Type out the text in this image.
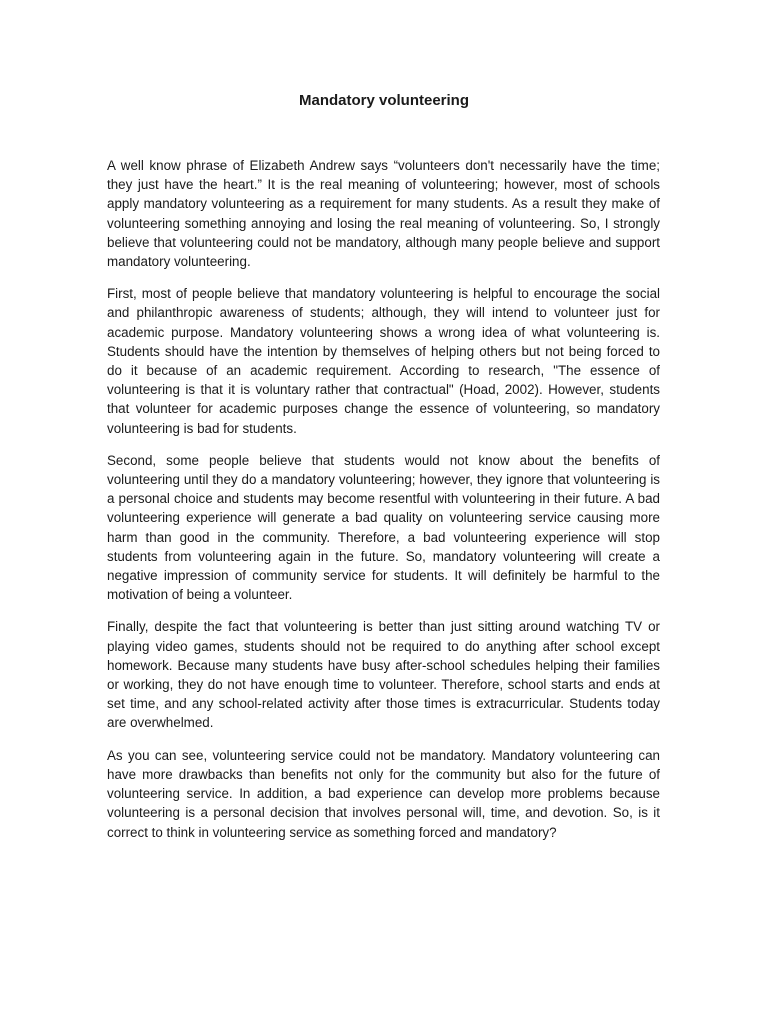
Mandatory volunteering

A well know phrase of Elizabeth Andrew says “volunteers don't necessarily have the time; they just have the heart.” It is the real meaning of volunteering; however, most of schools apply mandatory volunteering as a requirement for many students. As a result they make of volunteering something annoying and losing the real meaning of volunteering. So, I strongly believe that volunteering could not be mandatory, although many people believe and support mandatory volunteering.

First, most of people believe that mandatory volunteering is helpful to encourage the social and philanthropic awareness of students; although, they will intend to volunteer just for academic purpose. Mandatory volunteering shows a wrong idea of what volunteering is. Students should have the intention by themselves of helping others but not being forced to do it because of an academic requirement. According to research, "The essence of volunteering is that it is voluntary rather that contractual" (Hoad, 2002). However, students that volunteer for academic purposes change the essence of volunteering, so mandatory volunteering is bad for students.

Second, some people believe that students would not know about the benefits of volunteering until they do a mandatory volunteering; however, they ignore that volunteering is a personal choice and students may become resentful with volunteering in their future. A bad volunteering experience will generate a bad quality on volunteering service causing more harm than good in the community. Therefore, a bad volunteering experience will stop students from volunteering again in the future. So, mandatory volunteering will create a negative impression of community service for students. It will definitely be harmful to the motivation of being a volunteer.

Finally, despite the fact that volunteering is better than just sitting around watching TV or playing video games, students should not be required to do anything after school except homework. Because many students have busy after-school schedules helping their families or working, they do not have enough time to volunteer. Therefore, school starts and ends at set time, and any school-related activity after those times is extracurricular. Students today are overwhelmed.

As you can see, volunteering service could not be mandatory. Mandatory volunteering can have more drawbacks than benefits not only for the community but also for the future of volunteering service. In addition, a bad experience can develop more problems because volunteering is a personal decision that involves personal will, time, and devotion. So, is it correct to think in volunteering service as something forced and mandatory?
